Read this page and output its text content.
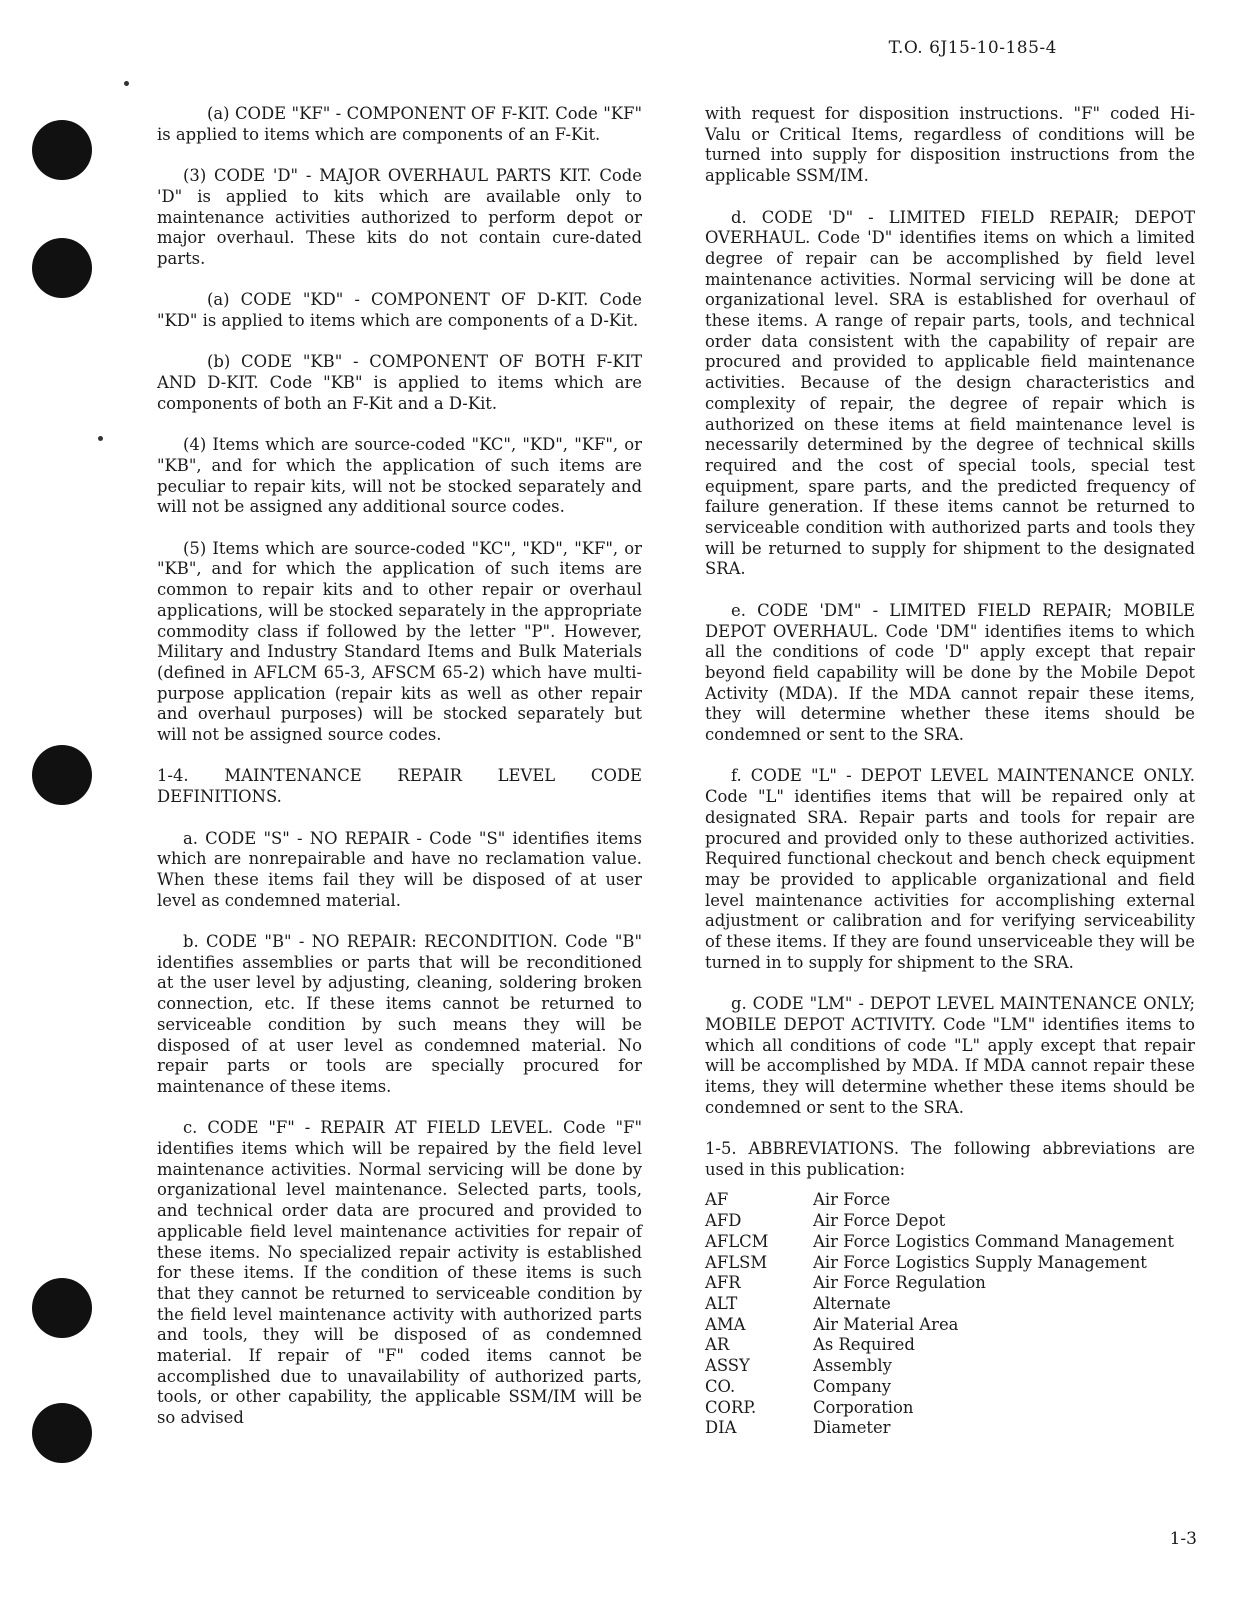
T.O. 6J15-10-185-4

(a) CODE "KF" - COMPONENT OF F-KIT. Code "KF" is applied to items which are components of an F-Kit.

(3) CODE 'D" - MAJOR OVERHAUL PARTS KIT. Code 'D" is applied to kits which are available only to maintenance activities authorized to perform depot or major overhaul. These kits do not contain cure-dated parts.

(a) CODE "KD" - COMPONENT OF D-KIT. Code "KD" is applied to items which are components of a D-Kit.

(b) CODE "KB" - COMPONENT OF BOTH F-KIT AND D-KIT. Code "KB" is applied to items which are components of both an F-Kit and a D-Kit.

(4) Items which are source-coded "KC", "KD", "KF", or "KB", and for which the application of such items are peculiar to repair kits, will not be stocked separately and will not be assigned any additional source codes.

(5) Items which are source-coded "KC", "KD", "KF", or "KB", and for which the application of such items are common to repair kits and to other repair or overhaul applications, will be stocked separately in the appropriate commodity class if followed by the letter "P". However, Military and Industry Standard Items and Bulk Materials (defined in AFLCM 65-3, AFSCM 65-2) which have multi-purpose application (repair kits as well as other repair and overhaul purposes) will be stocked separately but will not be assigned source codes.

1-4. MAINTENANCE REPAIR LEVEL CODE DEFINITIONS.

a. CODE "S" - NO REPAIR - Code "S" identifies items which are nonrepairable and have no reclamation value. When these items fail they will be disposed of at user level as condemned material.

b. CODE "B" - NO REPAIR: RECONDITION. Code "B" identifies assemblies or parts that will be reconditioned at the user level by adjusting, cleaning, soldering broken connection, etc. If these items cannot be returned to serviceable condition by such means they will be disposed of at user level as condemned material. No repair parts or tools are specially procured for maintenance of these items.

c. CODE "F" - REPAIR AT FIELD LEVEL. Code "F" identifies items which will be repaired by the field level maintenance activities. Normal servicing will be done by organizational level maintenance. Selected parts, tools, and technical order data are procured and provided to applicable field level maintenance activities for repair of these items. No specialized repair activity is established for these items. If the condition of these items is such that they cannot be returned to serviceable condition by the field level maintenance activity with authorized parts and tools, they will be disposed of as condemned material. If repair of "F" coded items cannot be accomplished due to unavailability of authorized parts, tools, or other capability, the applicable SSM/IM will be so advised

with request for disposition instructions. "F" coded Hi-Valu or Critical Items, regardless of conditions will be turned into supply for disposition instructions from the applicable SSM/IM.

d. CODE 'D" - LIMITED FIELD REPAIR; DEPOT OVERHAUL. Code 'D" identifies items on which a limited degree of repair can be accomplished by field level maintenance activities. Normal servicing will be done at organizational level. SRA is established for overhaul of these items. A range of repair parts, tools, and technical order data consistent with the capability of repair are procured and provided to applicable field maintenance activities. Because of the design characteristics and complexity of repair, the degree of repair which is authorized on these items at field maintenance level is necessarily determined by the degree of technical skills required and the cost of special tools, special test equipment, spare parts, and the predicted frequency of failure generation. If these items cannot be returned to serviceable condition with authorized parts and tools they will be returned to supply for shipment to the designated SRA.

e. CODE 'DM" - LIMITED FIELD REPAIR; MOBILE DEPOT OVERHAUL. Code 'DM" identifies items to which all the conditions of code 'D" apply except that repair beyond field capability will be done by the Mobile Depot Activity (MDA). If the MDA cannot repair these items, they will determine whether these items should be condemned or sent to the SRA.

f. CODE "L" - DEPOT LEVEL MAINTENANCE ONLY. Code "L" identifies items that will be repaired only at designated SRA. Repair parts and tools for repair are procured and provided only to these authorized activities. Required functional checkout and bench check equipment may be provided to applicable organizational and field level maintenance activities for accomplishing external adjustment or calibration and for verifying serviceability of these items. If they are found unserviceable they will be turned in to supply for shipment to the SRA.

g. CODE "LM" - DEPOT LEVEL MAINTENANCE ONLY; MOBILE DEPOT ACTIVITY. Code "LM" identifies items to which all conditions of code "L" apply except that repair will be accomplished by MDA. If MDA cannot repair these items, they will determine whether these items should be condemned or sent to the SRA.

1-5. ABBREVIATIONS. The following abbreviations are used in this publication:

AF	Air Force
AFD	Air Force Depot
AFLCM	Air Force Logistics Command Management
AFLSM	Air Force Logistics Supply Management
AFR	Air Force Regulation
ALT	Alternate
AMA	Air Material Area
AR	As Required
ASSY	Assembly
CO.	Company
CORP.	Corporation
DIA	Diameter
1-3
